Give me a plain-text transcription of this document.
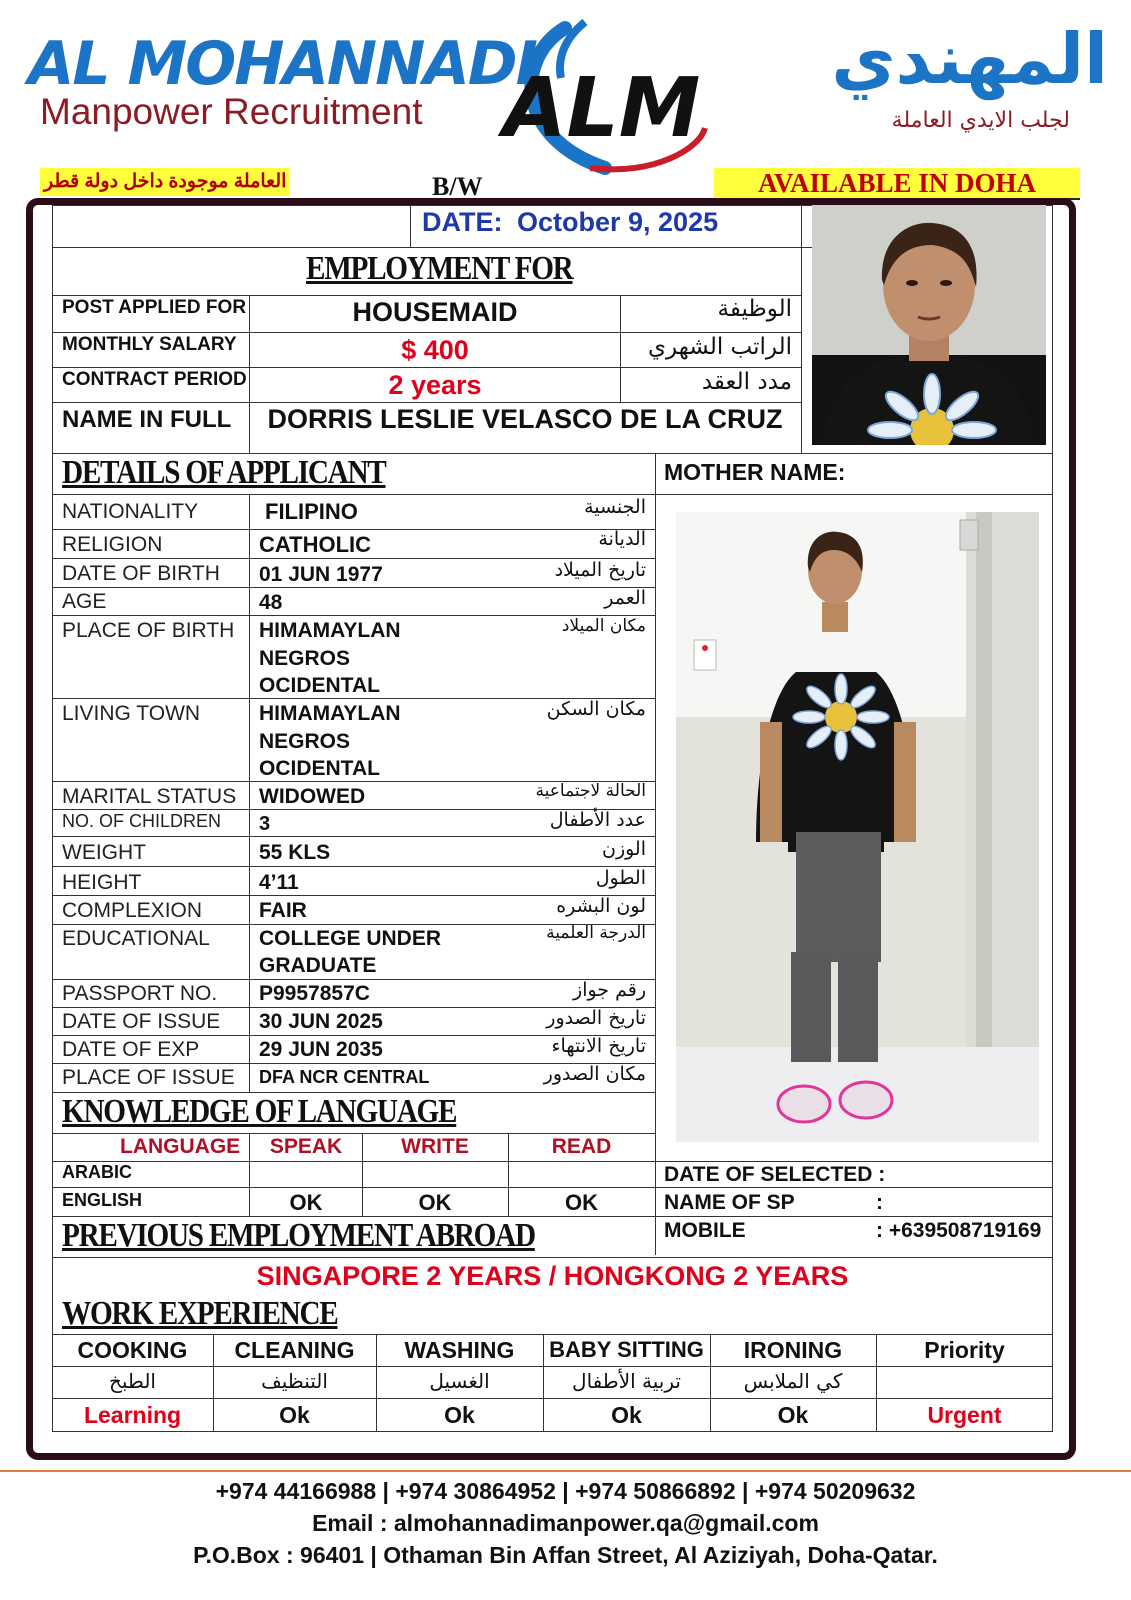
AL MOHANNADI
Manpower Recruitment ALM
المهندي
لجلب الايدي العاملة
العاملة موجودة داخل دولة قطر	B/W	AVAILABLE IN DOHA
DATE: October 9, 2025
EMPLOYMENT FOR
POST APPLIED FOR	HOUSEMAID	الوظيفة
MONTHLY SALARY	$ 400	الراتب الشهري
CONTRACT PERIOD	2 years	مدد العقد
NAME IN FULL	DORRIS LESLIE VELASCO DE LA CRUZ
DETAILS OF APPLICANT	MOTHER NAME:
NATIONALITY	FILIPINO	الجنسية
RELIGION	CATHOLIC	الديانة
DATE OF BIRTH 01 JUN 1977	تاريخ الميلاد
AGE	48	العمر
PLACE OF BIRTH HIMAMAYLAN
NEGROS
OCIDENTAL
مكان الميلاد
LIVING TOWN	HIMAMAYLAN
NEGROS
OCIDENTAL
مكان السكن
MARITAL STATUS WIDOWED	الحالة لاجتماعية
NO. OF CHILDREN 3	عدد الأطفال
WEIGHT	55 KLS	الوزن
HEIGHT	4’11	الطول
COMPLEXION	FAIR	لون البشره
EDUCATIONAL COLLEGE UNDER
GRADUATE
الدرجة العلمية
PASSPORT NO. P9957857C	رقم جواز
DATE OF ISSUE 30 JUN 2025	تاريخ الصدور
DATE OF EXP	29 JUN 2035	تاريخ الانتهاء
PLACE OF ISSUE DFA NCR CENTRAL	مكان الصدور
KNOWLEDGE OF LANGUAGE
LANGUAGE	SPEAK	WRITE	READ
ARABIC
ENGLISH	OK	OK	OK
DATE OF SELECTED :
NAME OF SP	:
MOBILE	: +639508719169
PREVIOUS EMPLOYMENT ABROAD
SINGAPORE 2 YEARS / HONGKONG 2 YEARS
WORK EXPERIENCE
COOKING	CLEANING	WASHING	BABY SITTING	IRONING	Priority
الطبخ	التنظيف	الغسيل	تربية الأطفال	كي الملابس
Learning	Ok	Ok	Ok	Ok	Urgent
+974 44166988 | +974 30864952 | +974 50866892 | +974 50209632
Email : almohannadimanpower.qa@gmail.com
P.O.Box : 96401 | Othaman Bin Affan Street, Al Aziziyah, Doha-Qatar.
